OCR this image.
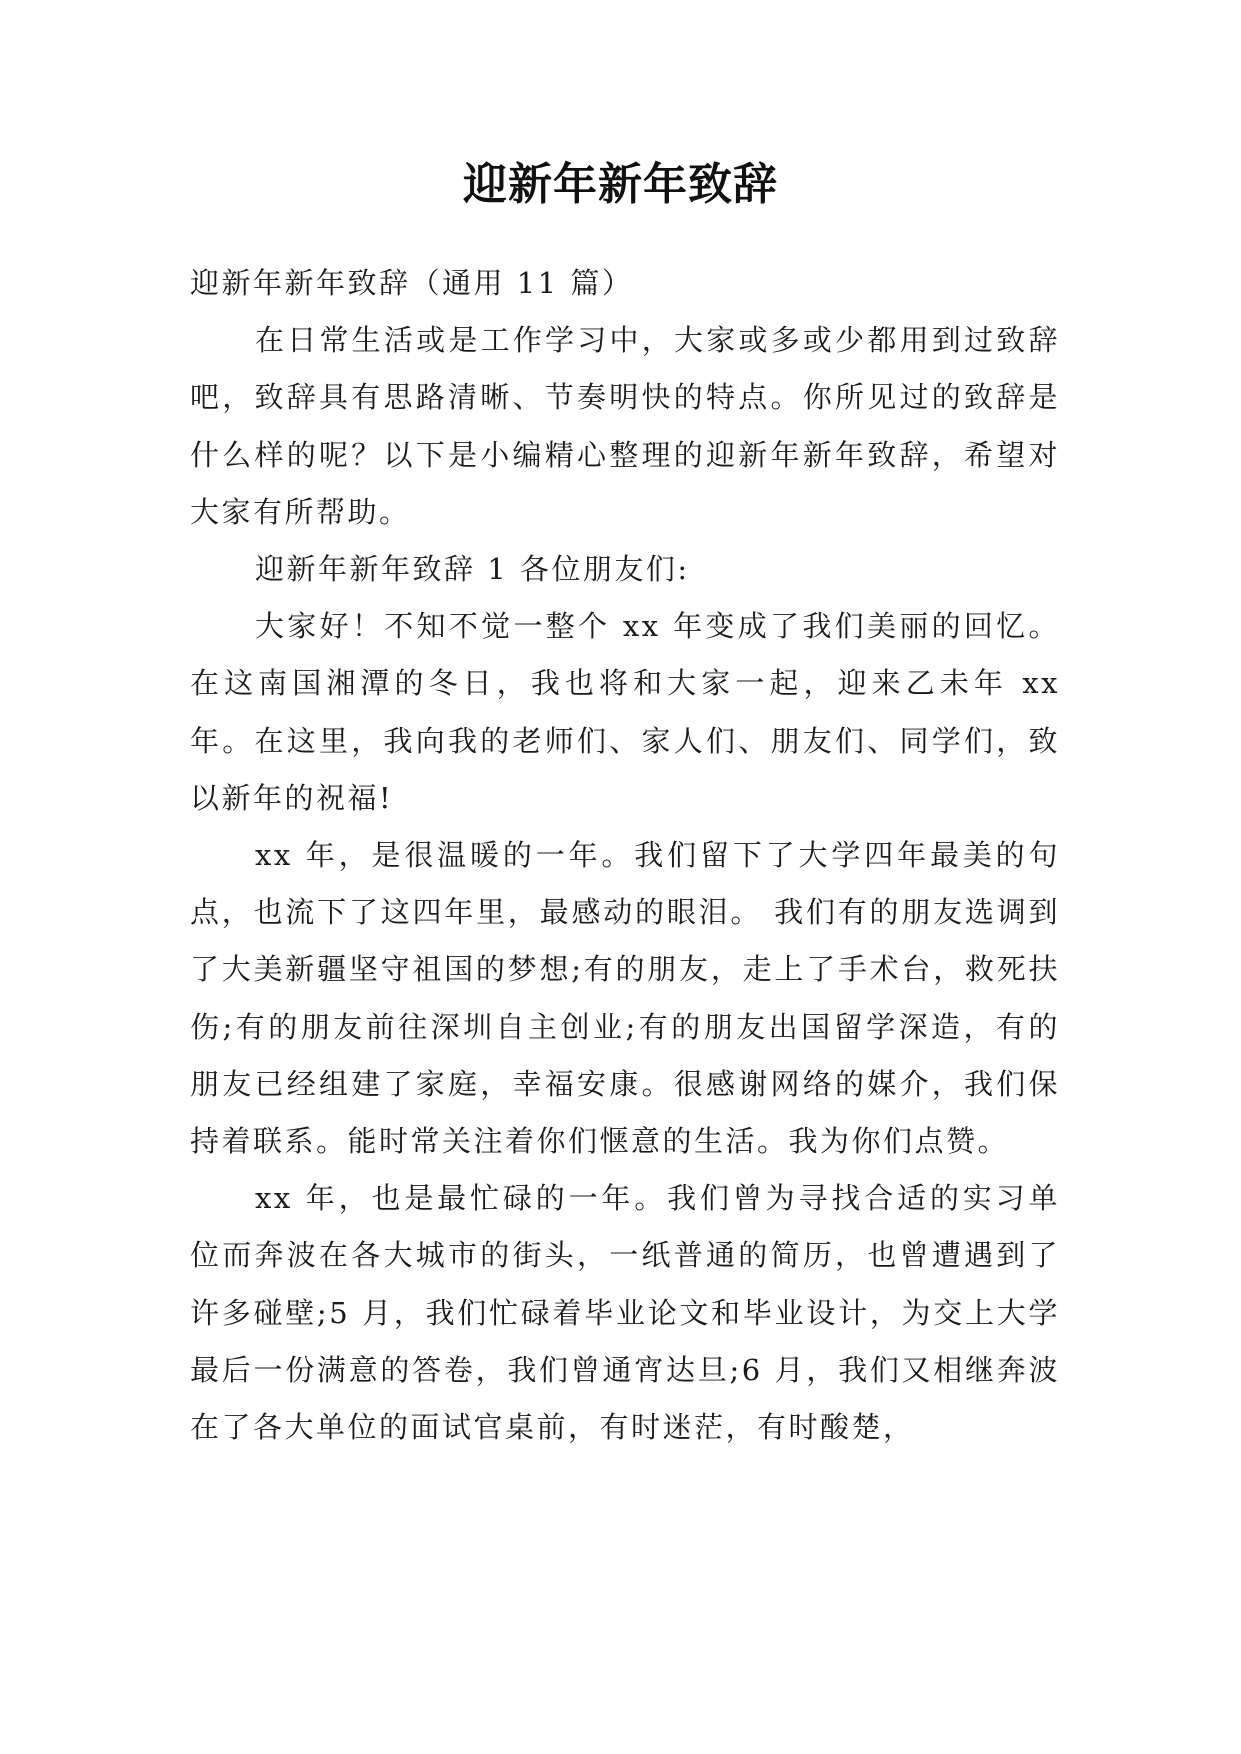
迎新年新年致辞

迎新年新年致辞（通用 11 篇）

在日常生活或是工作学习中，大家或多或少都用到过致辞吧，致辞具有思路清晰、节奏明快的特点。你所见过的致辞是什么样的呢？以下是小编精心整理的迎新年新年致辞，希望对大家有所帮助。

迎新年新年致辞 1 各位朋友们:

大家好！不知不觉一整个 xx 年变成了我们美丽的回忆。在这南国湘潭的冬日，我也将和大家一起，迎来乙未年 xx 年。在这里，我向我的老师们、家人们、朋友们、同学们，致以新年的祝福!

xx 年，是很温暖的一年。我们留下了大学四年最美的句点，也流下了这四年里，最感动的眼泪。 我们有的朋友选调到了大美新疆坚守祖国的梦想;有的朋友，走上了手术台，救死扶伤;有的朋友前往深圳自主创业;有的朋友出国留学深造，有的朋友已经组建了家庭，幸福安康。很感谢网络的媒介，我们保持着联系。能时常关注着你们惬意的生活。我为你们点赞。

xx 年，也是最忙碌的一年。我们曾为寻找合适的实习单位而奔波在各大城市的街头，一纸普通的简历，也曾遭遇到了许多碰壁;5 月，我们忙碌着毕业论文和毕业设计，为交上大学最后一份满意的答卷，我们曾通宵达旦;6 月，我们又相继奔波在了各大单位的面试官桌前，有时迷茫，有时酸楚，
